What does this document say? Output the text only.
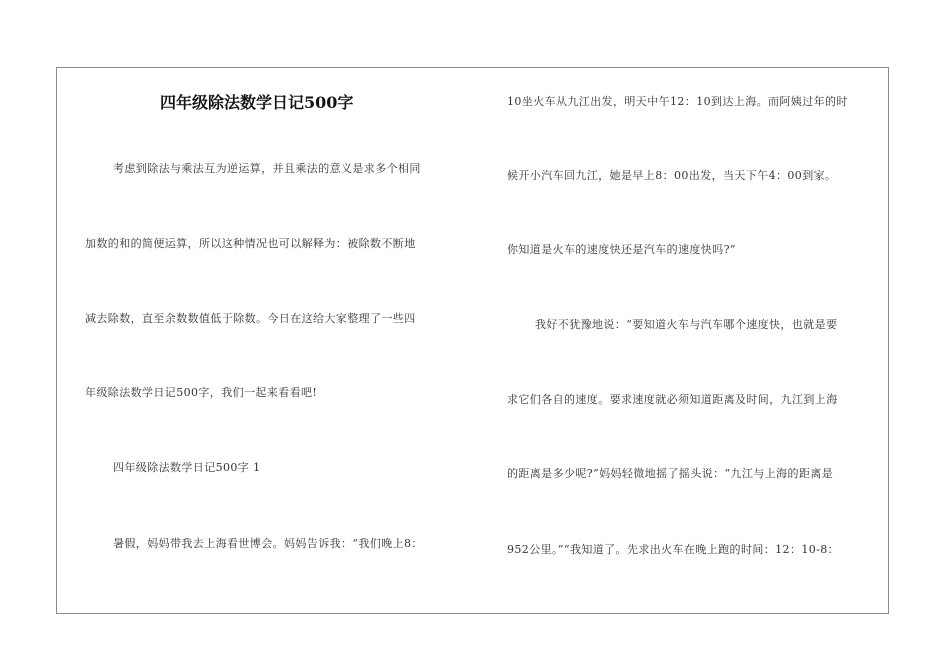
四年级除法数学日记500字
考虑到除法与乘法互为逆运算，并且乘法的意义是求多个相同
加数的和的简便运算，所以这种情况也可以解释为：被除数不断地
减去除数，直至余数数值低于除数。今日在这给大家整理了一些四
年级除法数学日记500字，我们一起来看看吧!
四年级除法数学日记500字 1
暑假，妈妈带我去上海看世博会。妈妈告诉我：“我们晚上8：
10坐火车从九江出发，明天中午12：10到达上海。而阿姨过年的时
候开小汽车回九江，她是早上8：00出发，当天下午4：00到家。
你知道是火车的速度快还是汽车的速度快吗?”
我好不犹豫地说：“要知道火车与汽车哪个速度快，也就是要
求它们各自的速度。要求速度就必须知道距离及时间，九江到上海
的距离是多少呢?”妈妈轻微地摇了摇头说：“九江与上海的距离是
952公里。”“我知道了。先求出火车在晚上跑的时间：12：10-8：
